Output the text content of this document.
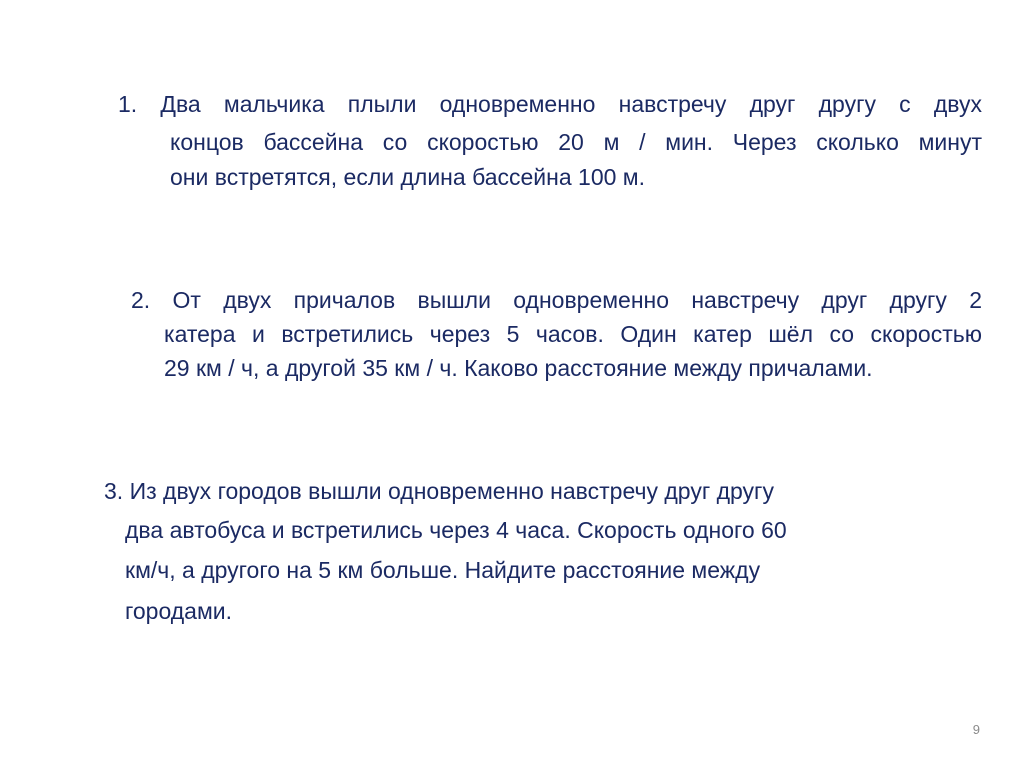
1. Два мальчика плыли одновременно навстречу друг другу с двух
концов бассейна со скоростью 20 м / мин. Через сколько минут
они встретятся, если длина бассейна 100 м.
2. От двух причалов вышли одновременно навстречу друг другу 2
катера и встретились через 5 часов. Один катер шёл со скоростью
29 км / ч, а другой 35 км / ч. Каково расстояние между причалами.
3. Из двух городов вышли одновременно навстречу друг другу
два автобуса и встретились через 4 часа. Скорость одного 60
км/ч, а другого на 5 км больше. Найдите расстояние между
городами.
9
